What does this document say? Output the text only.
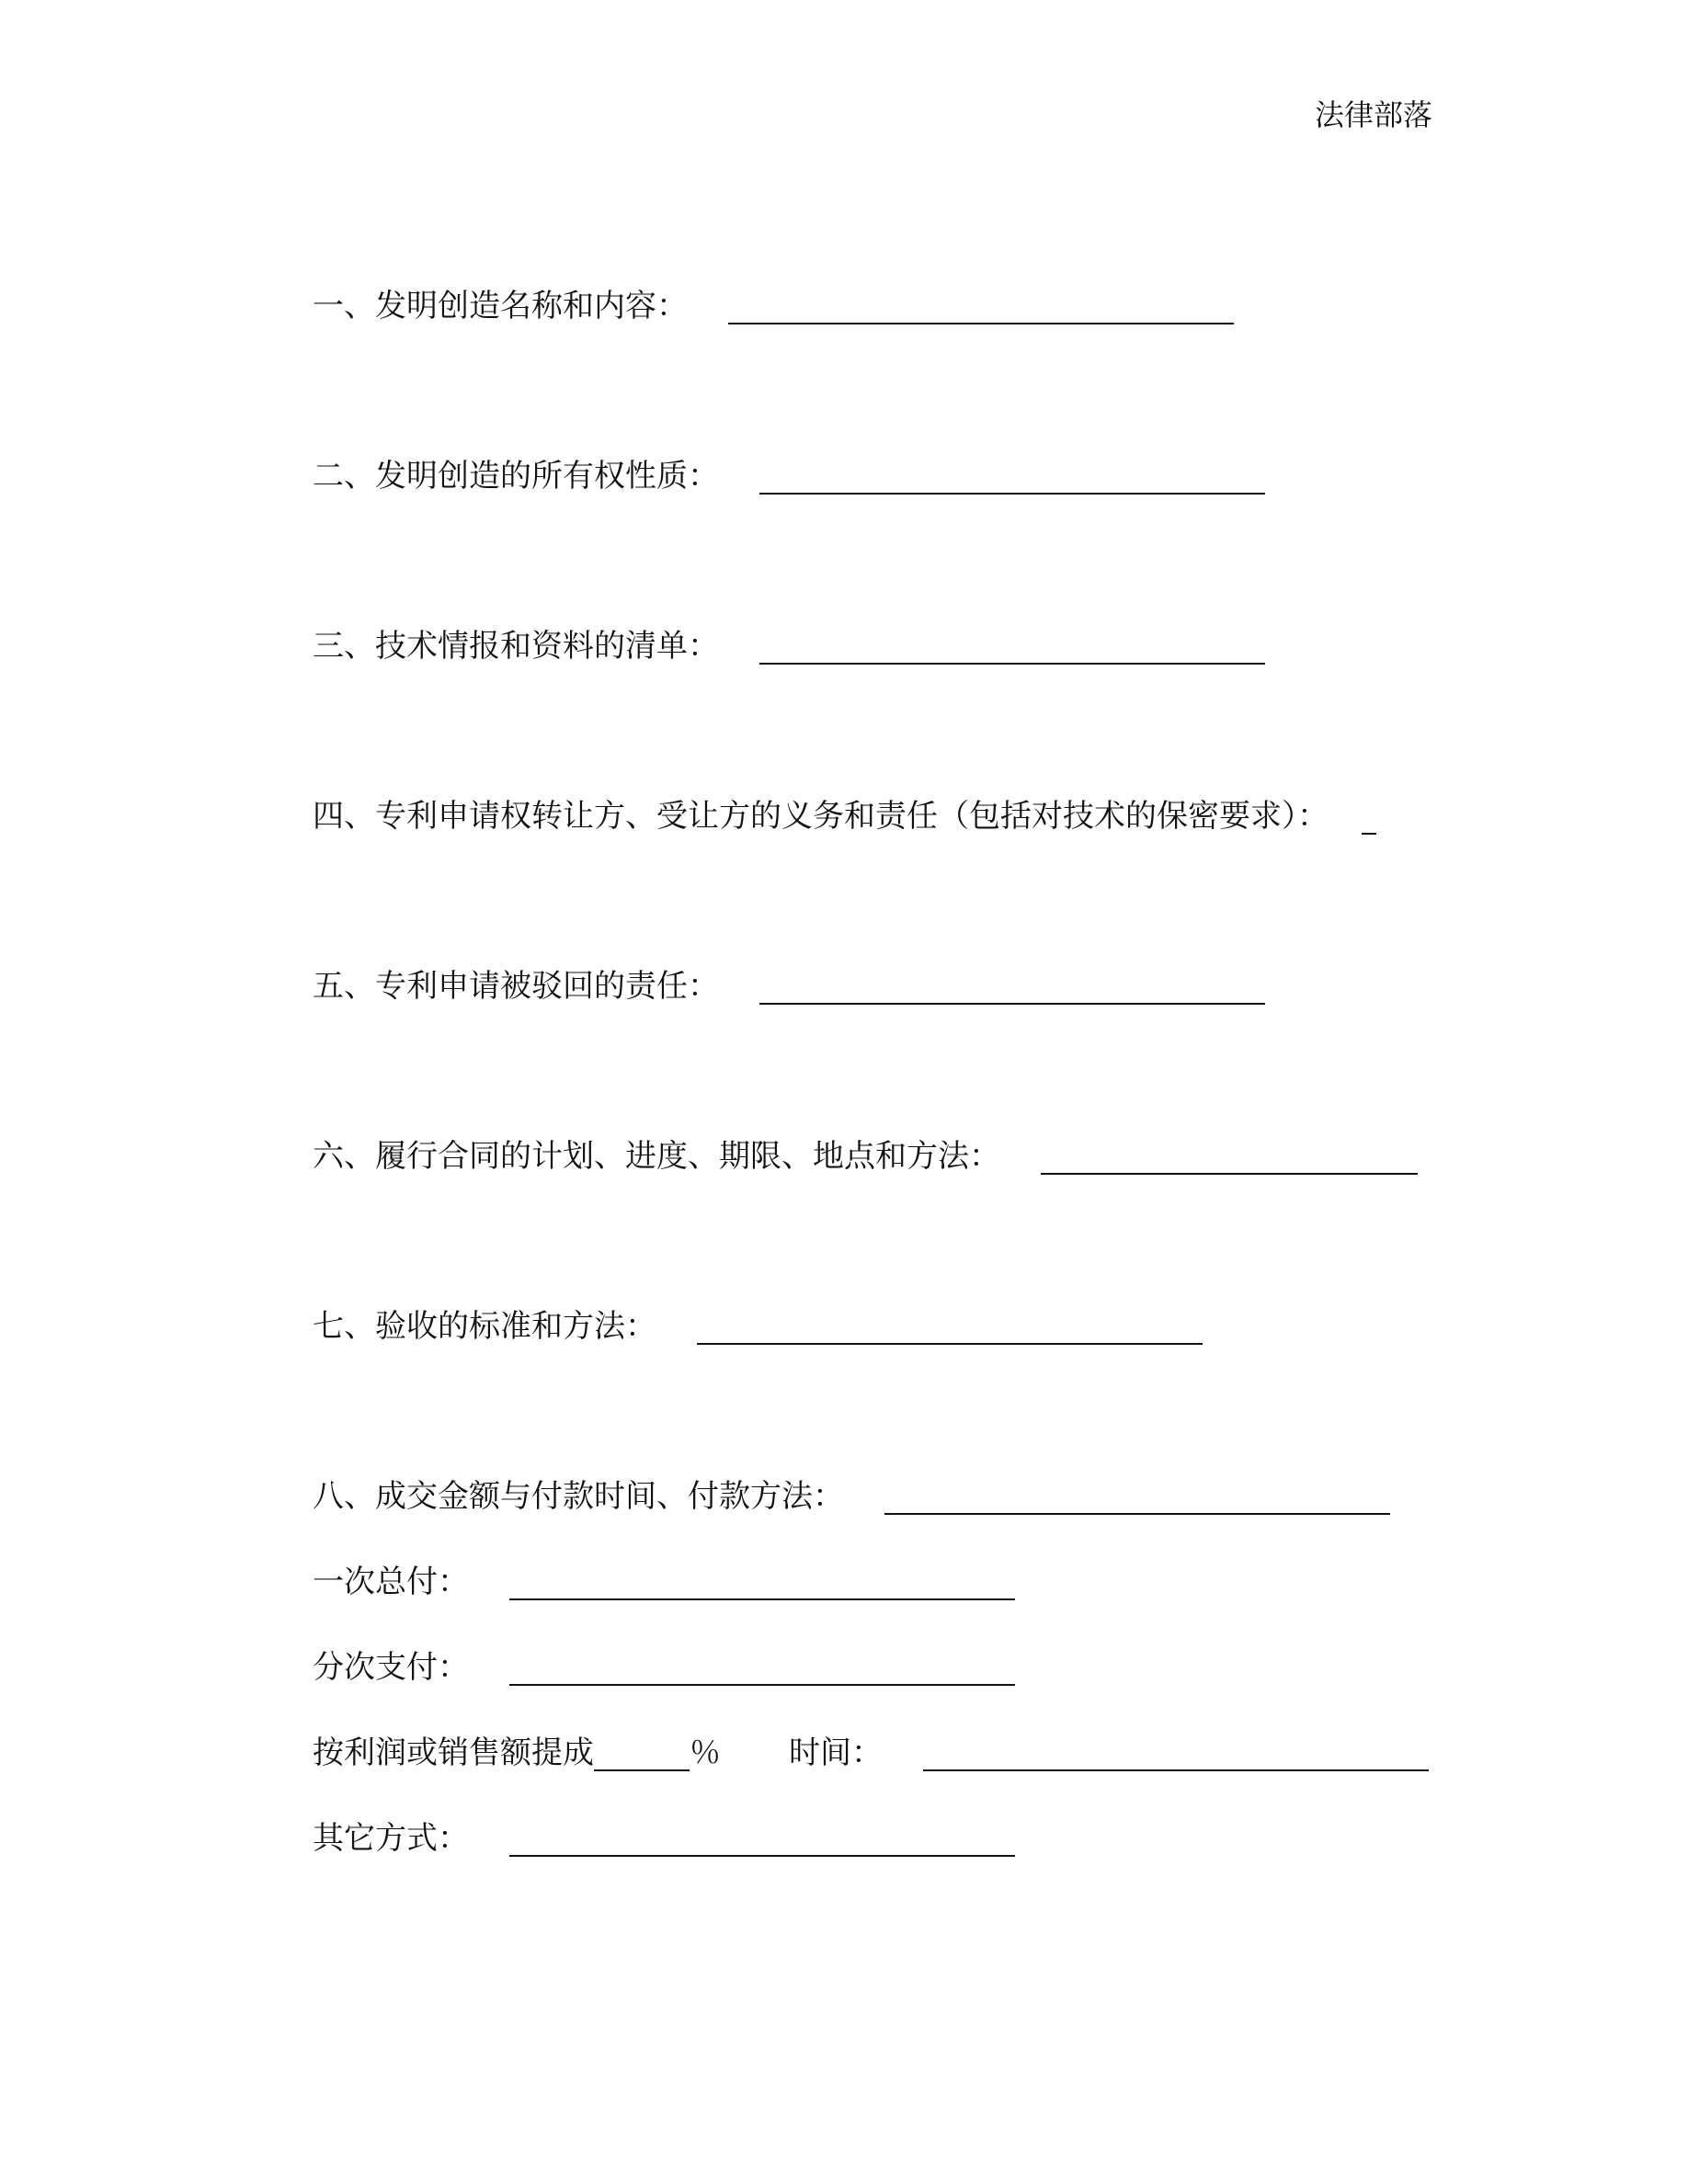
法律部落
一、发明创造名称和内容：
二、发明创造的所有权性质：
三、技术情报和资料的清单：
四、专利申请权转让方、受让方的义务和责任（包括对技术的保密要求）：
五、专利申请被驳回的责任：
六、履行合同的计划、进度、期限、地点和方法：
七、验收的标准和方法：
八、成交金额与付款时间、付款方法：
一次总付：
分次支付：
按利润或销售额提成	％ 时间：
其它方式：
